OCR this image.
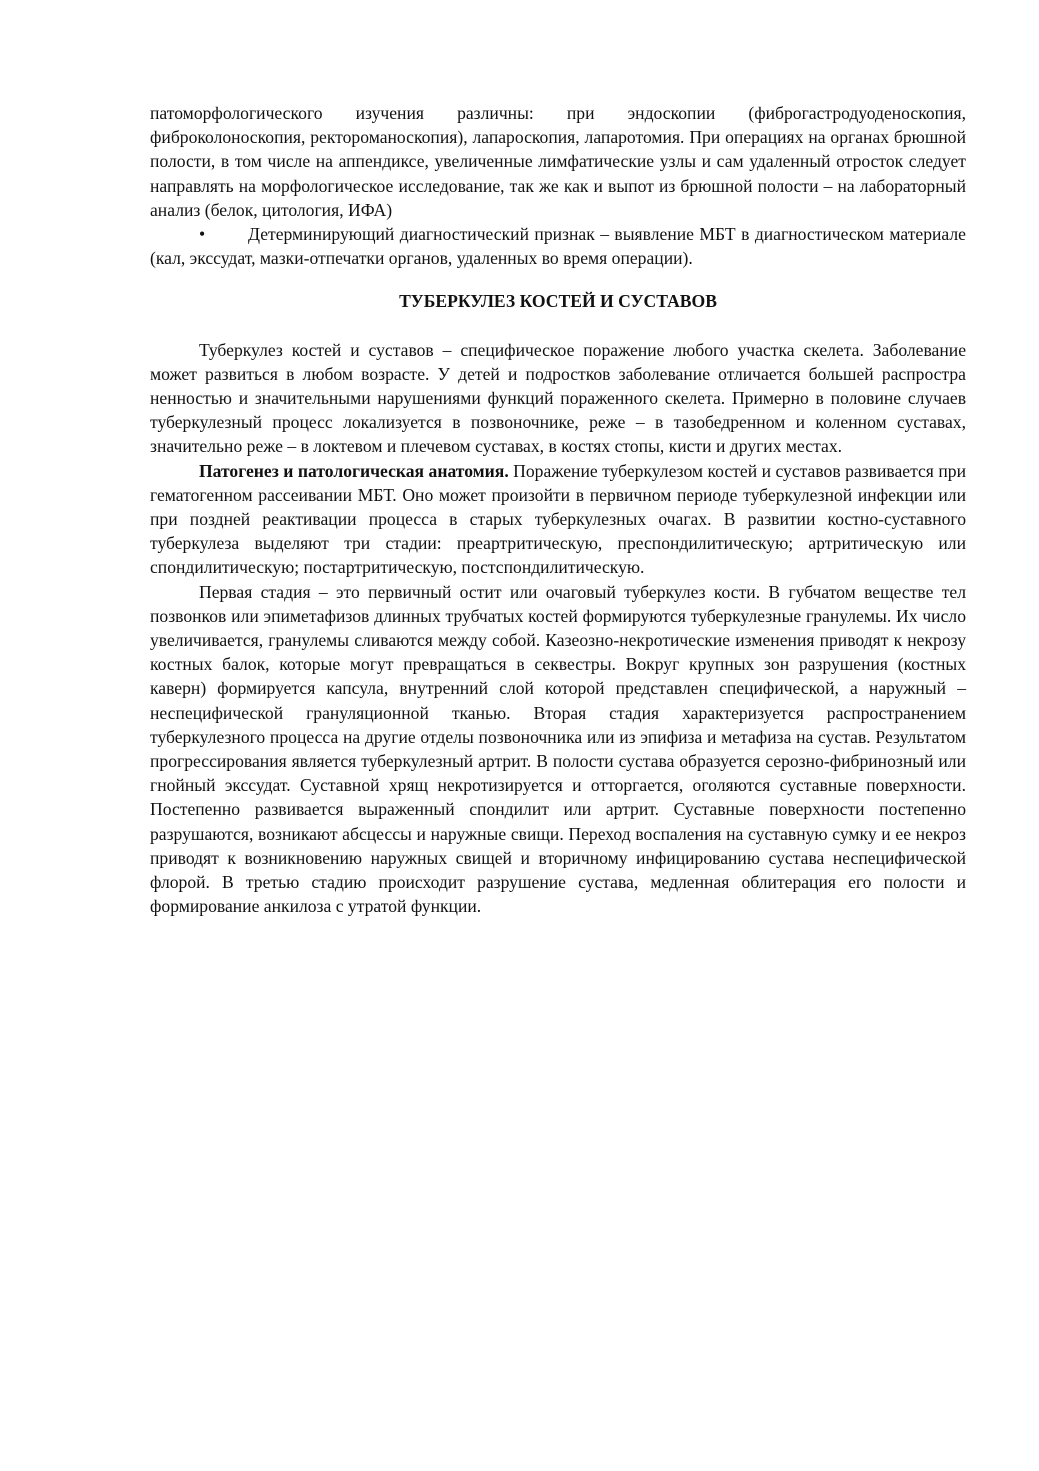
патоморфологического изучения различны: при эндоскопии (фиброгастродуоденоскопия, фиброколоноскопия, ректороманоскопия), лапароскопия, лапаротомия. При операциях на органах брюшной полости, в том числе на аппендиксе, увеличенные лимфатические узлы и сам удаленный отросток следует направлять на морфологическое исследование, так же как и выпот из брюшной полости – на лабораторный анализ (белок, цитология, ИФА)

• Детерминирующий диагностический признак – выявление МБТ в диагностическом материале (кал, экссудат, мазки-отпечатки органов, удаленных во время операции).

ТУБЕРКУЛЕЗ КОСТЕЙ И СУСТАВОВ

Туберкулез костей и суставов – специфическое поражение любого участка скелета. Заболевание может развиться в любом возрасте. У детей и подростков заболевание отличается большей распростра ненностью и значительными нарушениями функций пораженного скелета. Примерно в половине случаев туберкулезный процесс локализуется в позвоночнике, реже – в тазобедренном и коленном суставах, значительно реже – в локтевом и плечевом суставах, в костях стопы, кисти и других местах.

Патогенез и патологическая анатомия. Поражение туберкулезом костей и суставов развивается при гематогенном рассеивании МБТ. Оно может произойти в первичном периоде туберкулезной инфекции или при поздней реактивации процесса в старых туберкулезных очагах. В развитии костно-суставного туберкулеза выделяют три стадии: преартритическую, преспондилитическую; артритическую или спондилитическую; постартритическую, постспондилитическую.

Первая стадия – это первичный остит или очаговый туберкулез кости. В губчатом веществе тел позвонков или эпиметафизов длинных трубчатых костей формируются туберкулезные гранулемы. Их число увеличивается, гранулемы сливаются между собой. Казеозно-некротические изменения приводят к некрозу костных балок, которые могут превращаться в секвестры. Вокруг крупных зон разрушения (костных каверн) формируется капсула, внутренний слой которой представлен специфической, а наружный – неспецифической грануляционной тканью. Вторая стадия характеризуется распространением туберкулезного процесса на другие отделы позвоночника или из эпифиза и метафиза на сустав. Результатом прогрессирования является туберкулезный артрит. В полости сустава образуется серозно-фибринозный или гнойный экссудат. Суставной хрящ некротизируется и отторгается, оголяются суставные поверхности. Постепенно развивается выраженный спондилит или артрит. Суставные поверхности постепенно разрушаются, возникают абсцессы и наружные свищи. Переход воспаления на суставную сумку и ее некроз приводят к возникновению наружных свищей и вторичному инфицированию сустава неспецифической флорой. В третью стадию происходит разрушение сустава, медленная облитерация его полости и формирование анкилоза с утратой функции.
